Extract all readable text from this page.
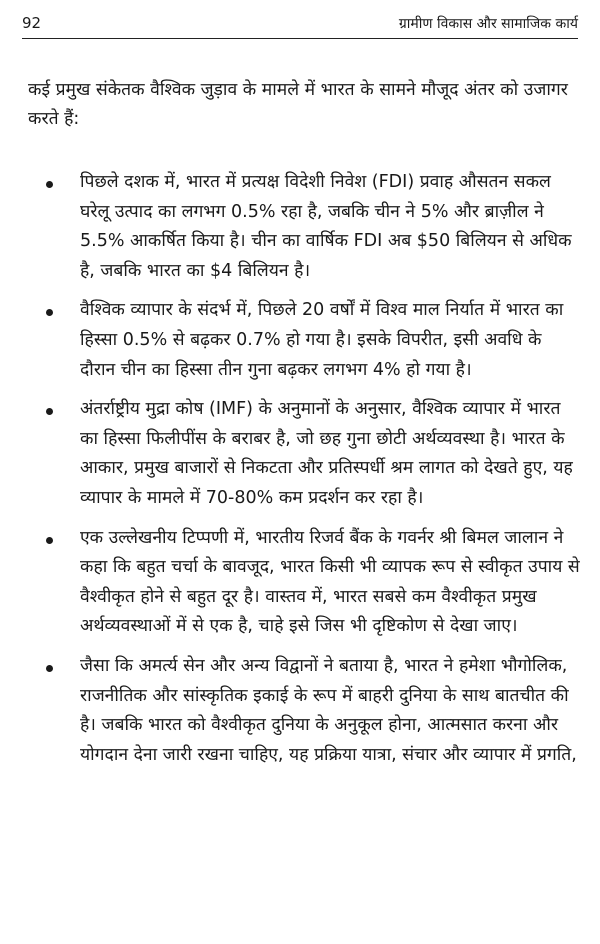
92	ग्रामीण विकास और सामाजिक कार्य

कई प्रमुख संकेतक वैश्विक जुड़ाव के मामले में भारत के सामने मौजूद अंतर को उजागर करते हैं:

पिछले दशक में, भारत में प्रत्यक्ष विदेशी निवेश (FDI) प्रवाह औसतन सकल घरेलू उत्पाद का लगभग 0.5% रहा है, जबकि चीन ने 5% और ब्राज़ील ने 5.5% आकर्षित किया है। चीन का वार्षिक FDI अब $50 बिलियन से अधिक है, जबकि भारत का $4 बिलियन है।
वैश्विक व्यापार के संदर्भ में, पिछले 20 वर्षों में विश्व माल निर्यात में भारत का हिस्सा 0.5% से बढ़कर 0.7% हो गया है। इसके विपरीत, इसी अवधि के दौरान चीन का हिस्सा तीन गुना बढ़कर लगभग 4% हो गया है।
अंतर्राष्ट्रीय मुद्रा कोष (IMF) के अनुमानों के अनुसार, वैश्विक व्यापार में भारत का हिस्सा फिलीपींस के बराबर है, जो छह गुना छोटी अर्थव्यवस्था है। भारत के आकार, प्रमुख बाजारों से निकटता और प्रतिस्पर्धी श्रम लागत को देखते हुए, यह व्यापार के मामले में 70-80% कम प्रदर्शन कर रहा है।
एक उल्लेखनीय टिप्पणी में, भारतीय रिजर्व बैंक के गवर्नर श्री बिमल जालान ने कहा कि बहुत चर्चा के बावजूद, भारत किसी भी व्यापक रूप से स्वीकृत उपाय से वैश्वीकृत होने से बहुत दूर है। वास्तव में, भारत सबसे कम वैश्वीकृत प्रमुख अर्थव्यवस्थाओं में से एक है, चाहे इसे जिस भी दृष्टिकोण से देखा जाए।
जैसा कि अमर्त्य सेन और अन्य विद्वानों ने बताया है, भारत ने हमेशा भौगोलिक, राजनीतिक और सांस्कृतिक इकाई के रूप में बाहरी दुनिया के साथ बातचीत की है। जबकि भारत को वैश्वीकृत दुनिया के अनुकूल होना, आत्मसात करना और योगदान देना जारी रखना चाहिए, यह प्रक्रिया यात्रा, संचार और व्यापार में प्रगति,
